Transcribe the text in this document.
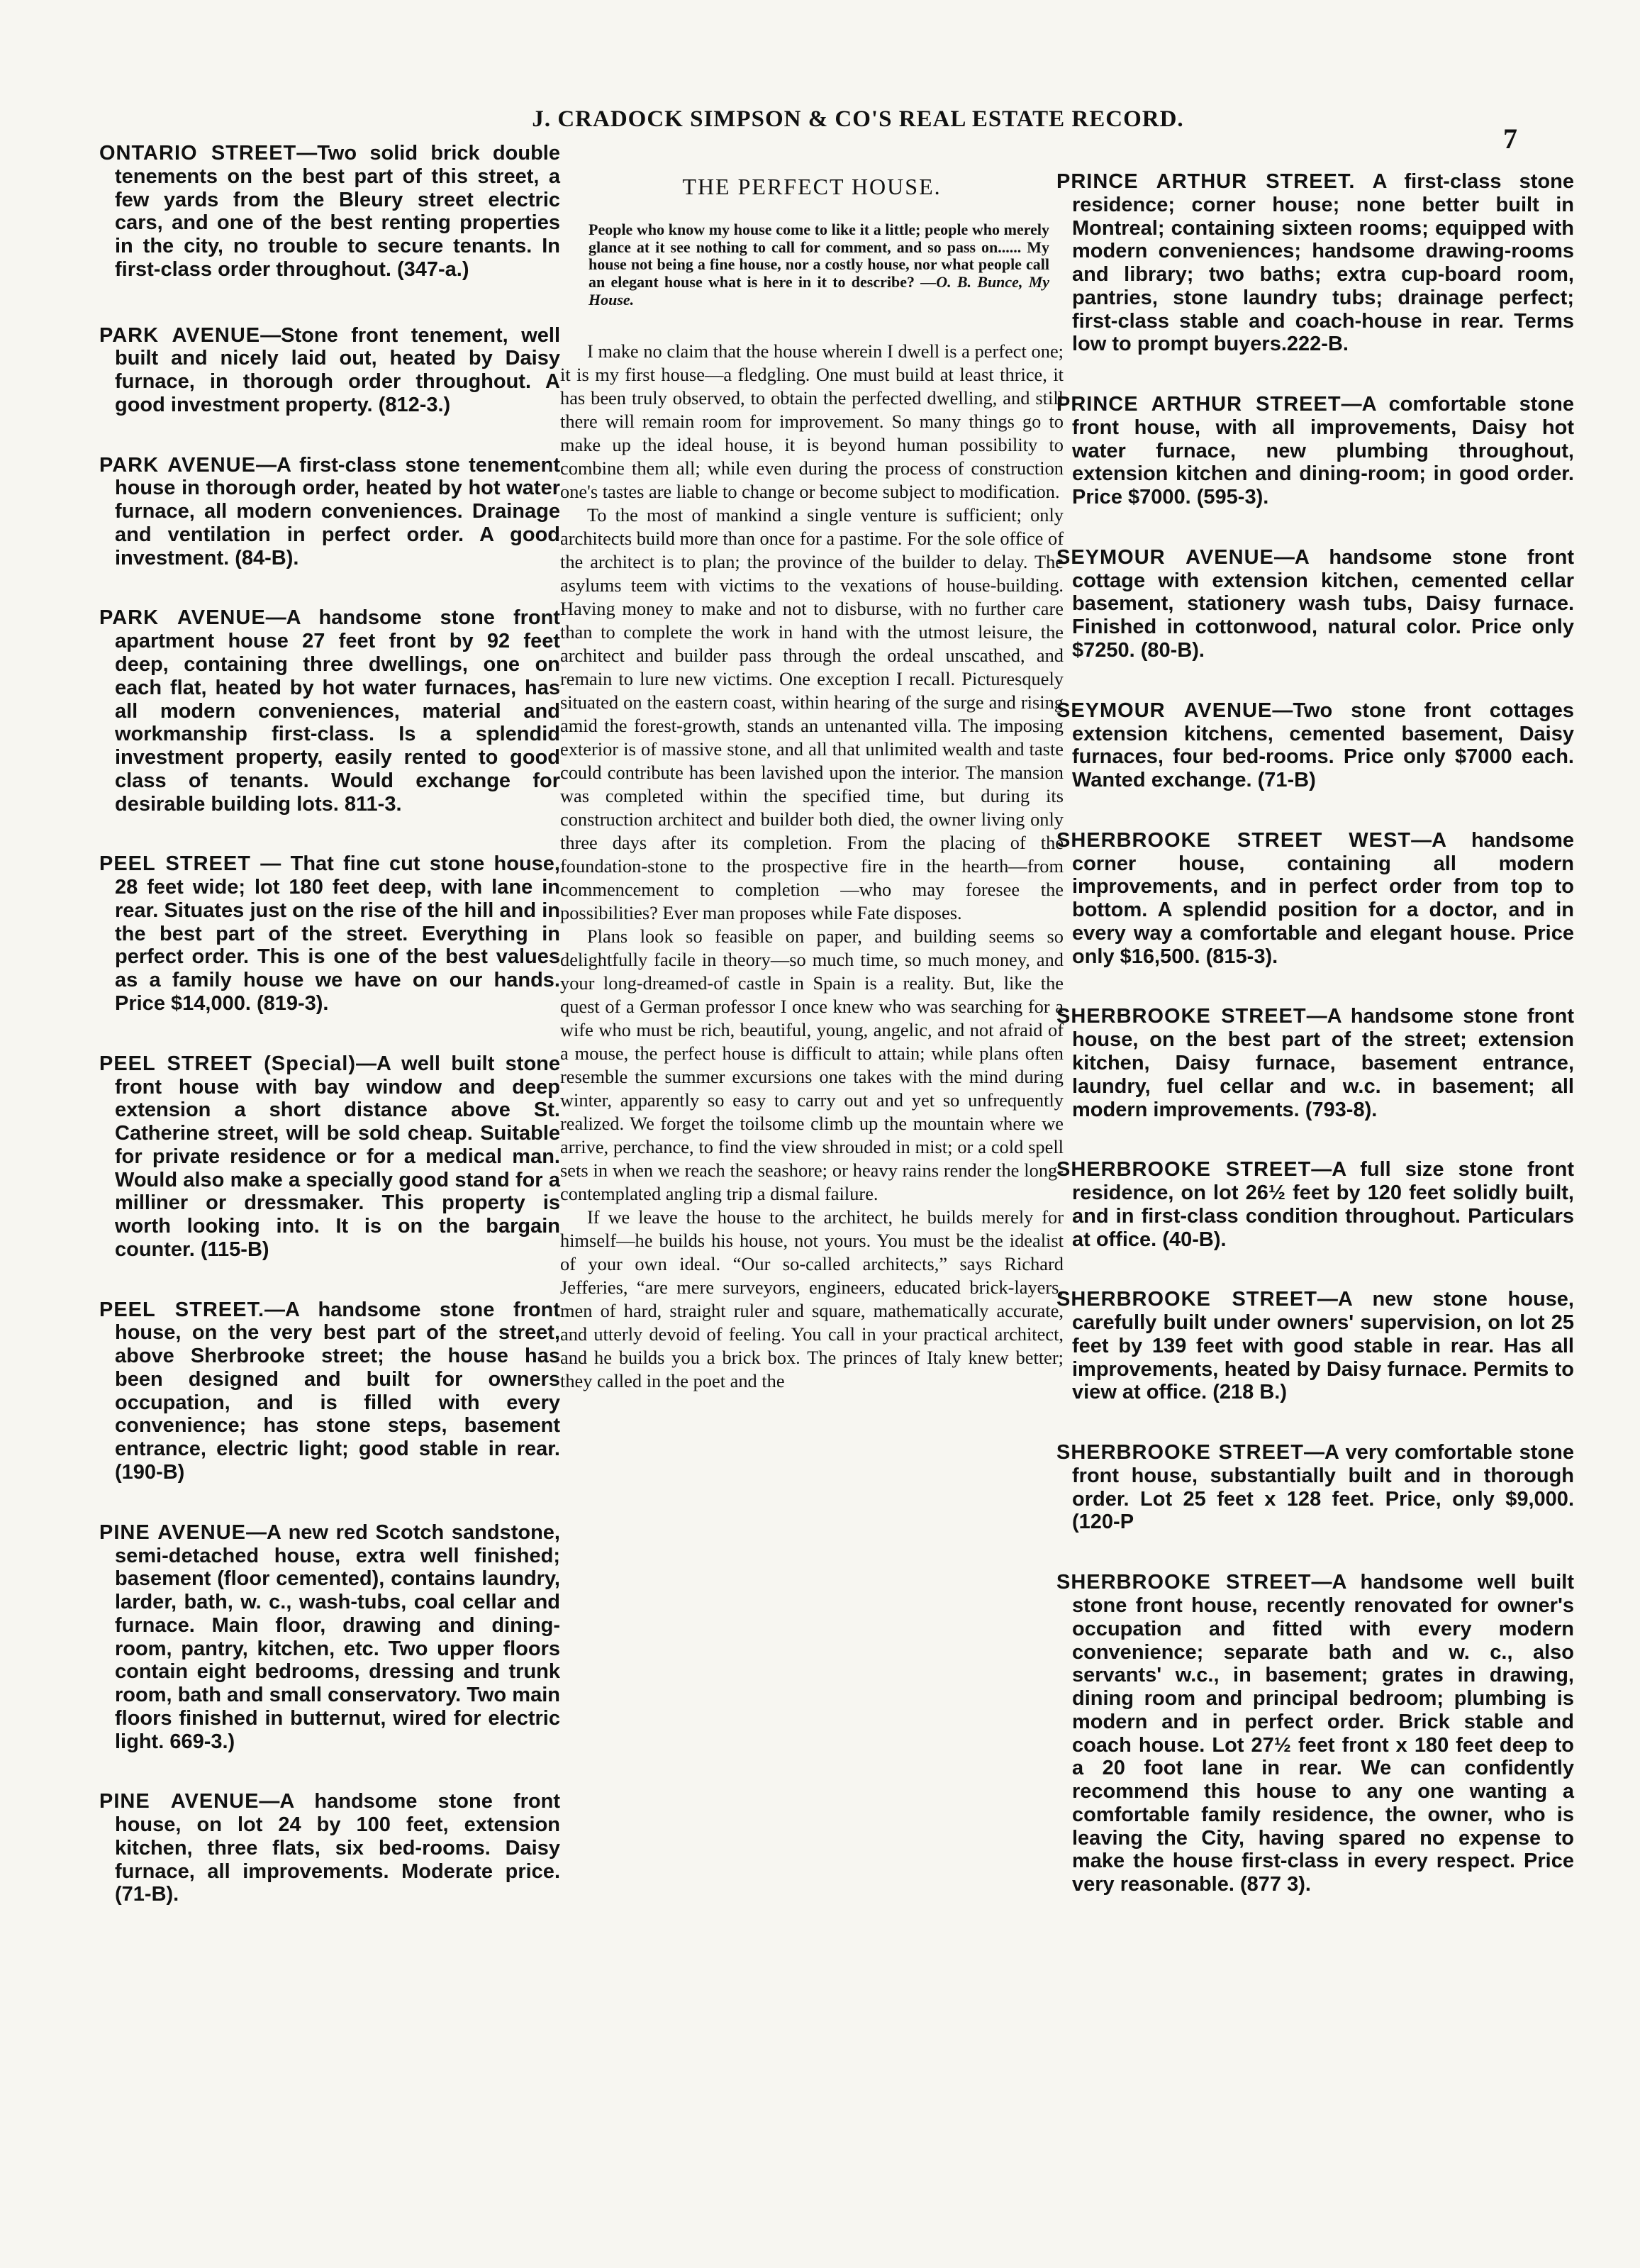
J. CRADOCK SIMPSON & CO'S REAL ESTATE RECORD.
7

ONTARIO STREET—Two solid brick double tenements on the best part of this street, a few yards from the Bleury street electric cars, and one of the best renting properties in the city, no trouble to secure tenants. In first-class order throughout. (347-a.)

PARK AVENUE—Stone front tenement, well built and nicely laid out, heated by Daisy furnace, in thorough order throughout. A good investment property. (812-3.)

PARK AVENUE—A first-class stone tenement house in thorough order, heated by hot water furnace, all modern conveniences. Drainage and ventilation in perfect order. A good investment. (84-B).

PARK AVENUE—A handsome stone front apartment house 27 feet front by 92 feet deep, containing three dwellings, one on each flat, heated by hot water furnaces, has all modern conveniences, material and workmanship first-class. Is a splendid investment property, easily rented to good class of tenants. Would exchange for desirable building lots. 811-3.

PEEL STREET — That fine cut stone house, 28 feet wide; lot 180 feet deep, with lane in rear. Situates just on the rise of the hill and in the best part of the street. Everything in perfect order. This is one of the best values as a family house we have on our hands. Price $14,000. (819-3).

PEEL STREET (Special)—A well built stone front house with bay window and deep extension a short distance above St. Catherine street, will be sold cheap. Suitable for private residence or for a medical man. Would also make a specially good stand for a milliner or dressmaker. This property is worth looking into. It is on the bargain counter. (115-B)

PEEL STREET.—A handsome stone front house, on the very best part of the street, above Sherbrooke street; the house has been designed and built for owners occupation, and is filled with every convenience; has stone steps, basement entrance, electric light; good stable in rear. (190-B)

PINE AVENUE—A new red Scotch sandstone, semi-detached house, extra well finished; basement (floor cemented), contains laundry, larder, bath, w. c., wash-tubs, coal cellar and furnace. Main floor, drawing and dining-room, pantry, kitchen, etc. Two upper floors contain eight bedrooms, dressing and trunk room, bath and small conservatory. Two main floors finished in butternut, wired for electric light. 669-3.)

PINE AVENUE—A handsome stone front house, on lot 24 by 100 feet, extension kitchen, three flats, six bed-rooms. Daisy furnace, all improvements. Moderate price. (71-B).

THE PERFECT HOUSE.
People who know my house come to like it a little; people who merely glance at it see nothing to call for comment, and so pass on...... My house not being a fine house, nor a costly house, nor what people call an elegant house what is here in it to describe? —O. B. Bunce, My House.

I make no claim that the house wherein I dwell is a perfect one; it is my first house—a fledgling. One must build at least thrice, it has been truly observed, to obtain the perfected dwelling, and still there will remain room for improvement. So many things go to make up the ideal house, it is beyond human possibility to combine them all; while even during the process of construction one's tastes are liable to change or become subject to modification.

To the most of mankind a single venture is sufficient; only architects build more than once for a pastime. For the sole office of the architect is to plan; the province of the builder to delay. The asylums teem with victims to the vexations of house-building. Having money to make and not to disburse, with no further care than to complete the work in hand with the utmost leisure, the architect and builder pass through the ordeal unscathed, and remain to lure new victims. One exception I recall. Picturesquely situated on the eastern coast, within hearing of the surge and rising amid the forest-growth, stands an untenanted villa. The imposing exterior is of massive stone, and all that unlimited wealth and taste could contribute has been lavished upon the interior. The mansion was completed within the specified time, but during its construction architect and builder both died, the owner living only three days after its completion. From the placing of the foundation-stone to the prospective fire in the hearth—from commencement to completion —who may foresee the possibilities? Ever man proposes while Fate disposes.

Plans look so feasible on paper, and building seems so delightfully facile in theory—so much time, so much money, and your long-dreamed-of castle in Spain is a reality. But, like the quest of a German professor I once knew who was searching for a wife who must be rich, beautiful, young, angelic, and not afraid of a mouse, the perfect house is difficult to attain; while plans often resemble the summer excursions one takes with the mind during winter, apparently so easy to carry out and yet so unfrequently realized. We forget the toilsome climb up the mountain where we arrive, perchance, to find the view shrouded in mist; or a cold spell sets in when we reach the seashore; or heavy rains render the long-contemplated angling trip a dismal failure.

If we leave the house to the architect, he builds merely for himself—he builds his house, not yours. You must be the idealist of your own ideal. “Our so-called architects,” says Richard Jefferies, “are mere surveyors, engineers, educated brick-layers, men of hard, straight ruler and square, mathematically accurate, and utterly devoid of feeling. You call in your practical architect, and he builds you a brick box. The princes of Italy knew better; they called in the poet and the

PRINCE ARTHUR STREET. A first-class stone residence; corner house; none better built in Montreal; containing sixteen rooms; equipped with modern conveniences; handsome drawing-rooms and library; two baths; extra cup-board room, pantries, stone laundry tubs; drainage perfect; first-class stable and coach-house in rear. Terms low to prompt buyers.222-B.

PRINCE ARTHUR STREET—A comfortable stone front house, with all improvements, Daisy hot water furnace, new plumbing throughout, extension kitchen and dining-room; in good order. Price $7000. (595-3).

SEYMOUR AVENUE—A handsome stone front cottage with extension kitchen, cemented cellar basement, stationery wash tubs, Daisy furnace. Finished in cottonwood, natural color. Price only $7250. (80-B).

SEYMOUR AVENUE—Two stone front cottages extension kitchens, cemented basement, Daisy furnaces, four bed-rooms. Price only $7000 each. Wanted exchange. (71-B)

SHERBROOKE STREET WEST—A handsome corner house, containing all modern improvements, and in perfect order from top to bottom. A splendid position for a doctor, and in every way a comfortable and elegant house. Price only $16,500. (815-3).

SHERBROOKE STREET—A handsome stone front house, on the best part of the street; extension kitchen, Daisy furnace, basement entrance, laundry, fuel cellar and w.c. in basement; all modern improvements. (793-8).

SHERBROOKE STREET—A full size stone front residence, on lot 26½ feet by 120 feet solidly built, and in first-class condition throughout. Particulars at office. (40-B).

SHERBROOKE STREET—A new stone house, carefully built under owners' supervision, on lot 25 feet by 139 feet with good stable in rear. Has all improvements, heated by Daisy furnace. Permits to view at office. (218 B.)

SHERBROOKE STREET—A very comfortable stone front house, substantially built and in thorough order. Lot 25 feet x 128 feet. Price, only $9,000. (120-P

SHERBROOKE STREET—A handsome well built stone front house, recently renovated for owner's occupation and fitted with every modern convenience; separate bath and w. c., also servants' w.c., in basement; grates in drawing, dining room and principal bedroom; plumbing is modern and in perfect order. Brick stable and coach house. Lot 27½ feet front x 180 feet deep to a 20 foot lane in rear. We can confidently recommend this house to any one wanting a comfortable family residence, the owner, who is leaving the City, having spared no expense to make the house first-class in every respect. Price very reasonable. (877 3).
